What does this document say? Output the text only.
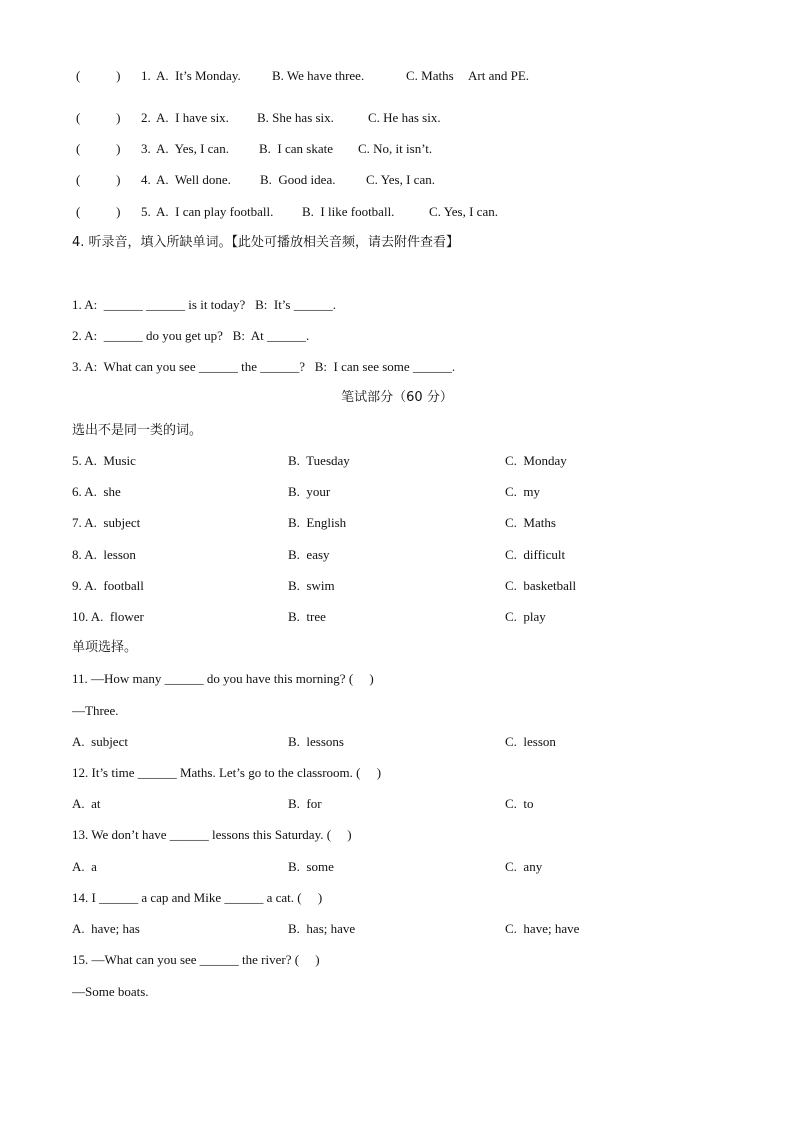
(           )

1.

A.  It’s Monday.

B. We have three.

	C. Maths

Art and PE.

(           )

2.

A.  I have six.

B. She has six.

	C. He has six.

(           )

3.

A.  Yes, I can.

B.  I can skate

C. No, it isn’t.

(           )

4.

A.  Well done.

B.  Good idea.

C. Yes, I can.

(           )

5.

A.  I can play football.

B.  I like football.

	C. Yes, I can.

4. 听录音，填入所缺单词。【此处可播放相关音频，请去附件查看】
1. A:  ______ ______ is it today?   B:  It’s ______.
2. A:  ______ do you get up?   B:  At ______.
3. A:  What can you see ______ the ______?   B:  I can see some ______.
笔试部分（60 分）
选出不是同一类的词。

5. A.  Music

	B.  Tuesday

	C.  Monday

6. A.  she

	B.  your

	C.  my

7. A.  subject

	B.  English

	C.  Maths

8. A.  lesson

	B.  easy

	C.  difficult

9. A.  football

	B.  swim

	C.  basketball

10. A.  flower

	B.  tree

	C.  play

单项选择。
11. —How many ______ do you have this morning? (     )
—Three.

A.  subject

	B.  lessons

	C.  lesson

12. It’s time ______ Maths. Let’s go to the classroom. (     )

A.  at

	B.  for

	C.  to

13. We don’t have ______ lessons this Saturday. (     )

A.  a

	B.  some

	C.  any

14. I ______ a cap and Mike ______ a cat. (     )

A.  have; has

	B.  has; have

	C.  have; have

15. —What can you see ______ the river? (     )
—Some boats.
